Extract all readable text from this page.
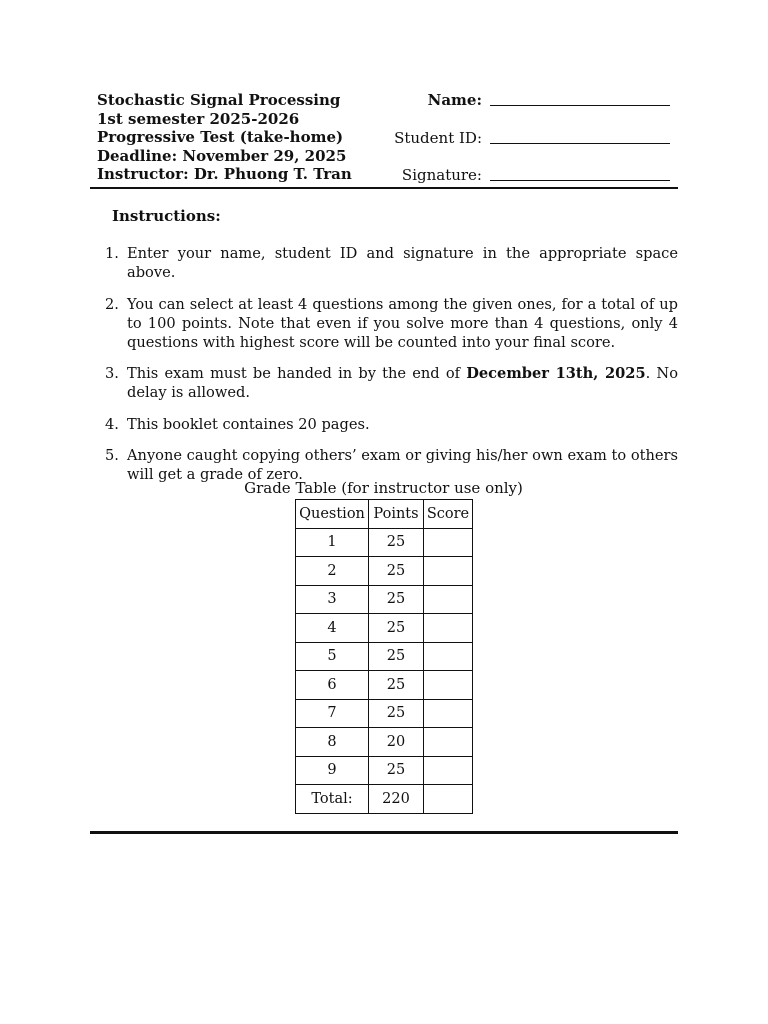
Stochastic Signal Processing
1st semester 2025-2026
Progressive Test (take-home)
Deadline: November 29, 2025
Instructor: Dr. Phuong T. Tran
Name:
Student ID:
Signature:
Instructions:
1. Enter your name, student ID and signature in the appropriate space above.
2. You can select at least 4 questions among the given ones, for a total of up to 100 points. Note that even if you solve more than 4 questions, only 4 questions with highest score will be counted into your final score.
3. This exam must be handed in by the end of December 13th, 2025. No delay is allowed.
4. This booklet containes 20 pages.
5. Anyone caught copying others’ exam or giving his/her own exam to others will get a grade of zero.
Grade Table (for instructor use only)
Question	Points	Score
1	25	
2	25	
3	25	
4	25	
5	25	
6	25	
7	25	
8	20	
9	25	
Total:	220	
